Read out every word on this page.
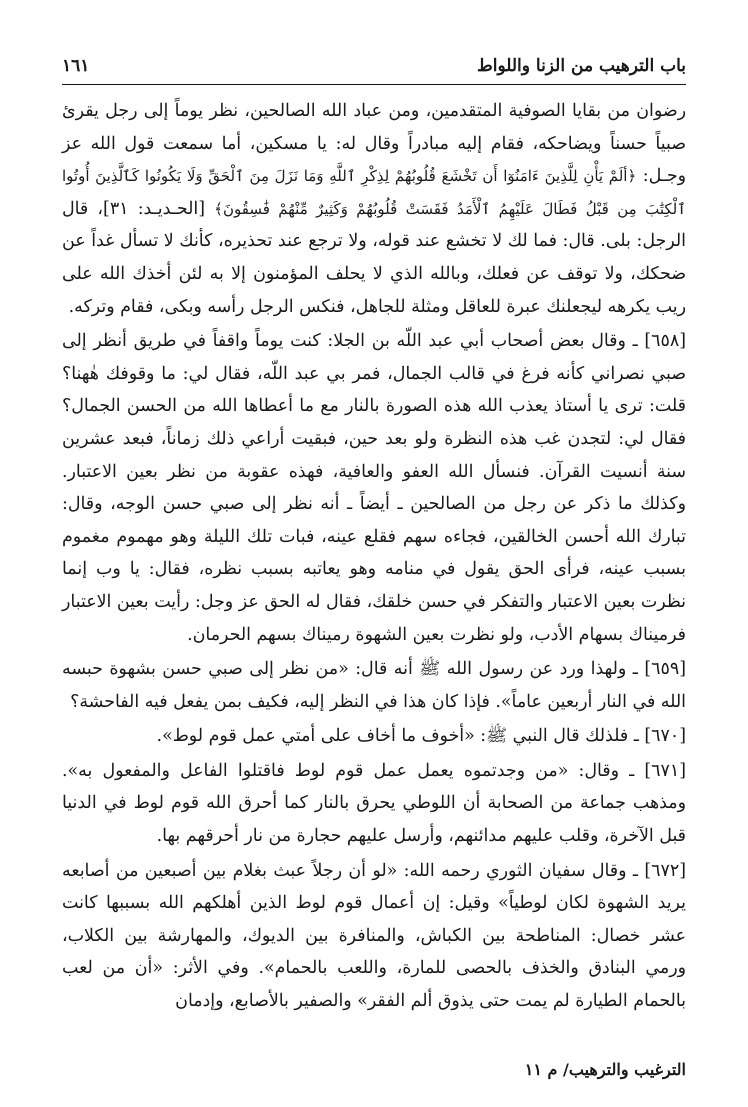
باب الترهيب من الزنا واللواط
١٦١

رضوان من بقايا الصوفية المتقدمين، ومن عباد الله الصالحين، نظر يوماً إلى رجل يقرئ صبياً حسناً ويضاحكه، فقام إليه مبادراً وقال له: يا مسكين، أما سمعت قول الله عز وجـل: ﴿ألَمْ يَأْنِ لِلَّذِينَ ءَامَنُوٓا أَن تَخْشَعَ قُلُوبُهُمْ لِذِكْرِ ٱللَّهِ وَمَا نَزَلَ مِنَ ٱلْحَقِّ وَلَا يَكُونُوا كَٱلَّذِينَ أُوتُوا ٱلْكِتَٰبَ مِن قَبْلُ فَطَالَ عَلَيْهِمُ ٱلْأَمَدُ فَقَسَتْ قُلُوبُهُمْ وَكَثِيرٌ مِّنْهُمْ فَٰسِقُونَ﴾ [الحـديـد: ٣١]، قال الرجل: بلى. قال: فما لك لا تخشع عند قوله، ولا ترجع عند تحذيره، كأنك لا تسأل غداً عن ضحكك، ولا توقف عن فعلك، وبالله الذي لا يحلف المؤمنون إلا به لئن أخذك الله على ريب يكرهه ليجعلنك عبرة للعاقل ومثلة للجاهل، فنكس الرجل رأسه وبكى، فقام وتركه.

[٦٥٨] ـ وقال بعض أصحاب أبي عبد اللّه بن الجلا: كنت يوماً واقفاً في طريق أنظر إلى صبي نصراني كأنه فرغ في قالب الجمال، فمر بي عبد اللّه، فقال لي: ما وقوفك هٰهنا؟ قلت: ترى يا أستاذ يعذب الله هذه الصورة بالنار مع ما أعطاها الله من الحسن الجمال؟ فقال لي: لتجدن غب هذه النظرة ولو بعد حين، فبقيت أراعي ذلك زماناً، فبعد عشرين سنة أنسيت القرآن. فنسأل الله العفو والعافية، فهذه عقوبة من نظر بعين الاعتبار. وكذلك ما ذكر عن رجل من الصالحين ـ أيضاً ـ أنه نظر إلى صبي حسن الوجه، وقال: تبارك الله أحسن الخالقين، فجاءه سهم فقلع عينه، فبات تلك الليلة وهو مهموم مغموم بسبب عينه، فرأى الحق يقول في منامه وهو يعاتبه بسبب نظره، فقال: يا وب إنما نظرت بعين الاعتبار والتفكر في حسن خلقك، فقال له الحق عز وجل: رأيت بعين الاعتبار فرميناك بسهام الأدب، ولو نظرت بعين الشهوة رميناك بسهم الحرمان.

[٦٥٩] ـ ولهذا ورد عن رسول الله ﷺ أنه قال: «من نظر إلى صبي حسن بشهوة حبسه الله في النار أربعين عاماً». فإذا كان هذا في النظر إليه، فكيف بمن يفعل فيه الفاحشة؟

[٦٧٠] ـ فلذلك قال النبي ﷺ: «أخوف ما أخاف على أمتي عمل قوم لوط».

[٦٧١] ـ وقال: «من وجدتموه يعمل عمل قوم لوط فاقتلوا الفاعل والمفعول به». ومذهب جماعة من الصحابة أن اللوطي يحرق بالنار كما أحرق الله قوم لوط في الدنيا قبل الآخرة، وقلب عليهم مدائنهم، وأرسل عليهم حجارة من نار أحرقهم بها.

[٦٧٢] ـ وقال سفيان الثوري رحمه الله: «لو أن رجلاً عبث بغلام بين أصبعين من أصابعه يريد الشهوة لكان لوطياً» وقيل: إن أعمال قوم لوط الذين أهلكهم الله بسببها كانت عشر خصال: المناطحة بين الكباش، والمنافرة بين الديوك، والمهارشة بين الكلاب، ورمي البنادق والخذف بالحصى للمارة، واللعب بالحمام». وفي الأثر: «أن من لعب بالحمام الطيارة لم يمت حتى يذوق ألم الفقر» والصفير بالأصابع، وإدمان

الترغيب والترهيب/ م ١١
